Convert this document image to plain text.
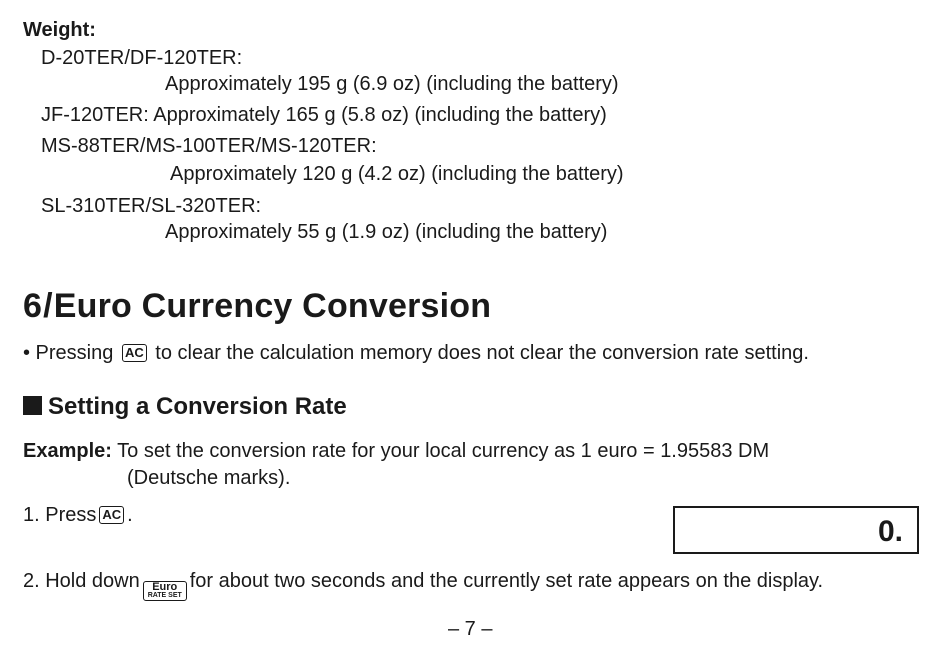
Weight:
D-20TER/DF-120TER:
Approximately 195 g (6.9 oz) (including the battery)
JF-120TER: Approximately 165 g (5.8 oz) (including the battery)
MS-88TER/MS-100TER/MS-120TER:
Approximately 120 g (4.2 oz) (including the battery)
SL-310TER/SL-320TER:
Approximately 55 g (1.9 oz) (including the battery)
6/Euro Currency Conversion
• Pressing AC to clear the calculation memory does not clear the conversion rate setting.
Setting a Conversion Rate
Example: To set the conversion rate for your local currency as 1 euro = 1.95583 DM
(Deutsche marks).
1. Press AC .	0.
2. Hold down Euro
RATE SET
for about two seconds and the currently set rate appears on the display.
– 7 –
